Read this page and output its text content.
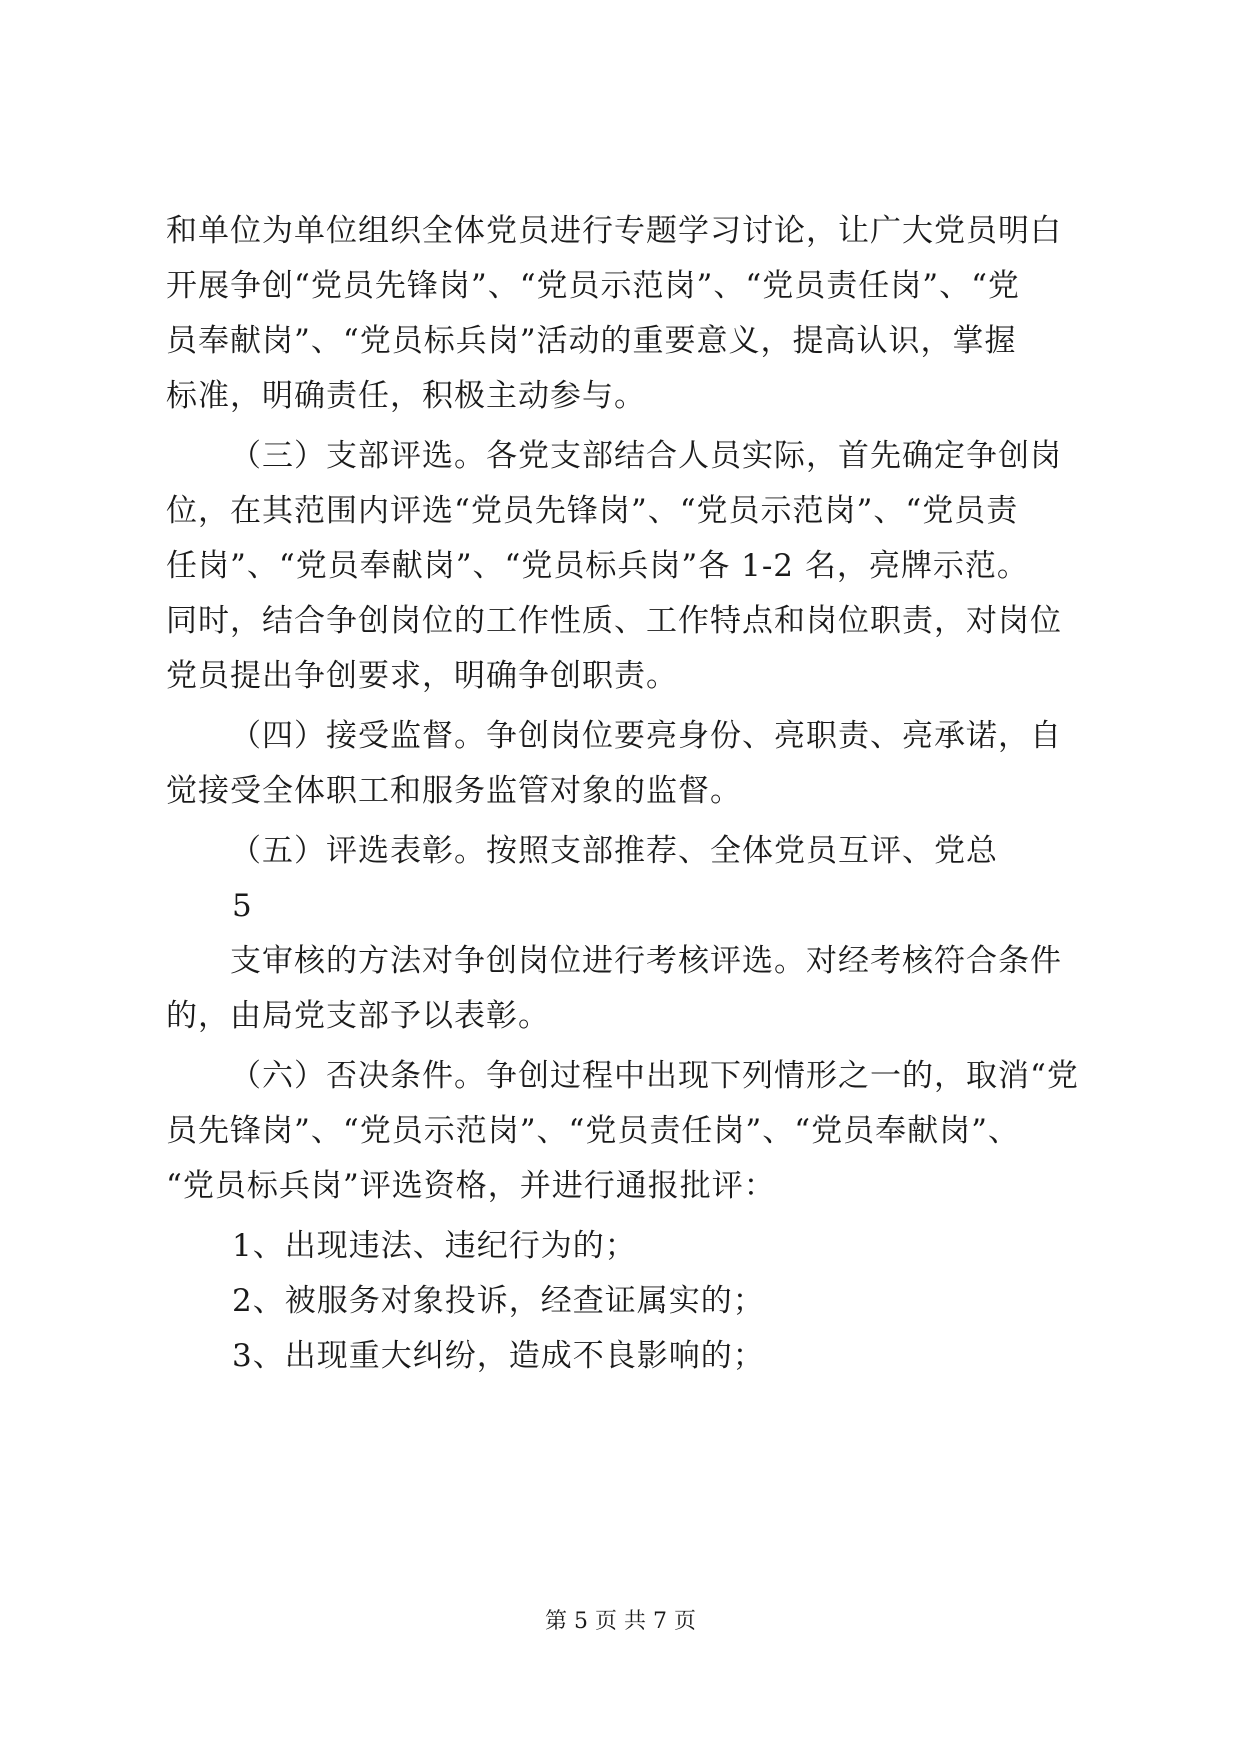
和单位为单位组织全体党员进行专题学习讨论，让广大党员明白
开展争创“党员先锋岗”、“党员示范岗”、“党员责任岗”、“党
员奉献岗”、“党员标兵岗”活动的重要意义，提高认识，掌握
标准，明确责任，积极主动参与。
（三）支部评选。各党支部结合人员实际，首先确定争创岗
位，在其范围内评选“党员先锋岗”、“党员示范岗”、“党员责
任岗”、“党员奉献岗”、“党员标兵岗”各 1-2 名，亮牌示范。
同时，结合争创岗位的工作性质、工作特点和岗位职责，对岗位
党员提出争创要求，明确争创职责。
（四）接受监督。争创岗位要亮身份、亮职责、亮承诺，自
觉接受全体职工和服务监管对象的监督。
（五）评选表彰。按照支部推荐、全体党员互评、党总
5
支审核的方法对争创岗位进行考核评选。对经考核符合条件
的，由局党支部予以表彰。
（六）否决条件。争创过程中出现下列情形之一的，取消“党
员先锋岗”、“党员示范岗”、“党员责任岗”、“党员奉献岗”、
“党员标兵岗”评选资格，并进行通报批评：
1、出现违法、违纪行为的；
2、被服务对象投诉，经查证属实的；
3、出现重大纠纷，造成不良影响的；
第 5 页 共 7 页
